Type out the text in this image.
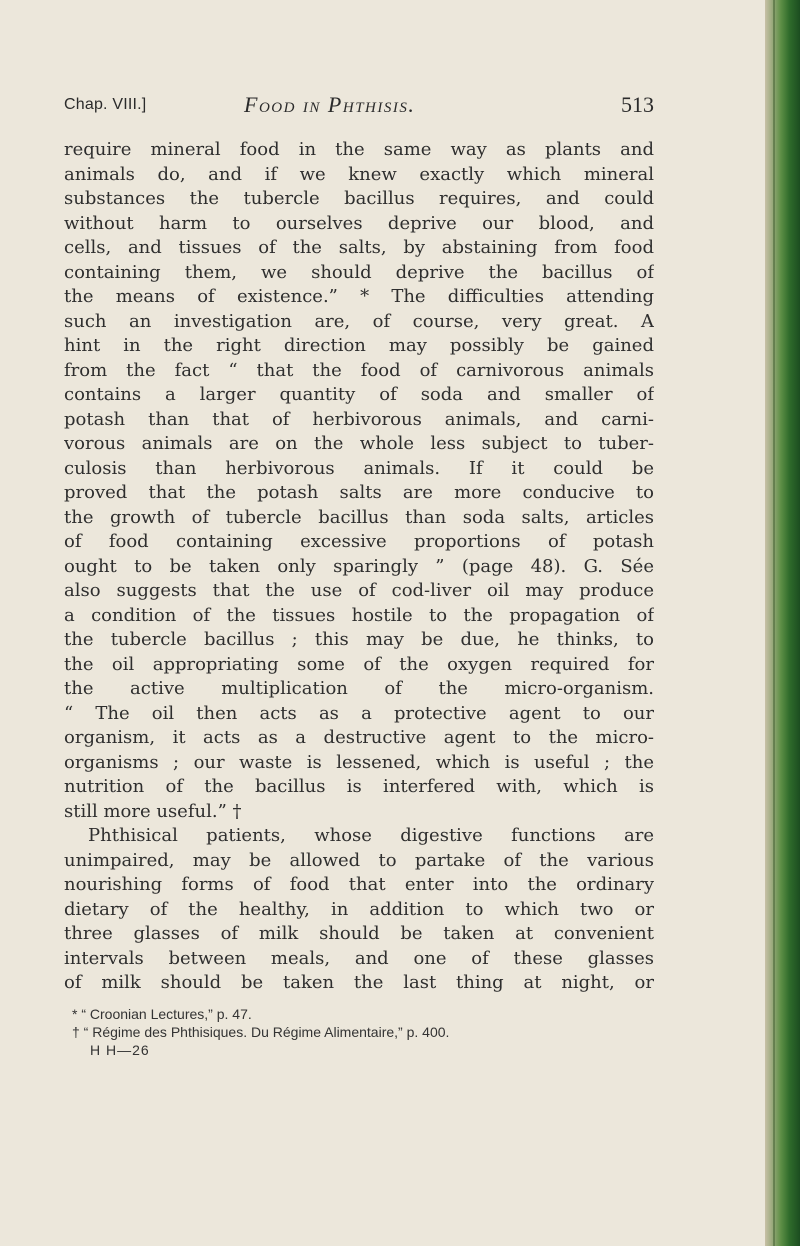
Chap. VIII.]	Food in Phthisis.	513
require mineral food in the same way as plants and
animals do, and if we knew exactly which mineral
substances the tubercle bacillus requires, and could
without harm to ourselves deprive our blood, and
cells, and tissues of the salts, by abstaining from food
containing them, we should deprive the bacillus of
the means of existence.” * The difficulties attending
such an investigation are, of course, very great. A
hint in the right direction may possibly be gained
from the fact “ that the food of carnivorous animals
contains a larger quantity of soda and smaller of
potash than that of herbivorous animals, and carni-
vorous animals are on the whole less subject to tuber-
culosis than herbivorous animals. If it could be
proved that the potash salts are more conducive to
the growth of tubercle bacillus than soda salts, articles
of food containing excessive proportions of potash
ought to be taken only sparingly ” (page 48). G. Sée
also suggests that the use of cod-liver oil may produce
a condition of the tissues hostile to the propagation of
the tubercle bacillus ; this may be due, he thinks, to
the oil appropriating some of the oxygen required for
the active multiplication of the micro-organism.
“ The oil then acts as a protective agent to our
organism, it acts as a destructive agent to the micro-
organisms ; our waste is lessened, which is useful ; the
nutrition of the bacillus is interfered with, which is
still more useful.” †
Phthisical patients, whose digestive functions are
unimpaired, may be allowed to partake of the various
nourishing forms of food that enter into the ordinary
dietary of the healthy, in addition to which two or
three glasses of milk should be taken at convenient
intervals between meals, and one of these glasses
of milk should be taken the last thing at night, or
* “ Croonian Lectures,” p. 47.
† “ Régime des Phthisiques. Du Régime Alimentaire,” p. 400.
H H—26
